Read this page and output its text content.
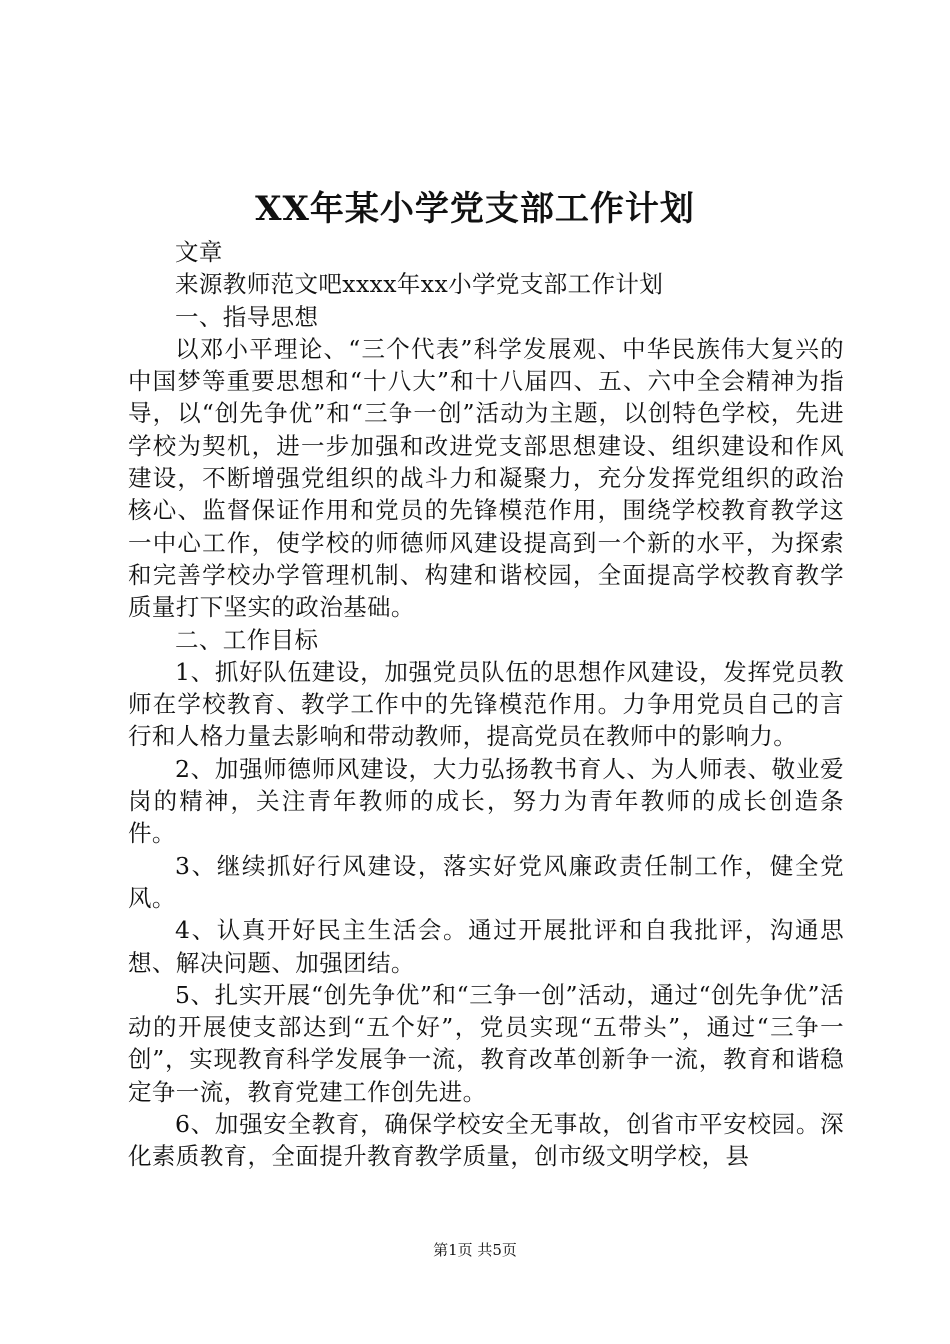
XX年某小学党支部工作计划

文章

来源教师范文吧xxxx年xx小学党支部工作计划

一、指导思想

以邓小平理论、“三个代表”科学发展观、中华民族伟大复兴的中国梦等重要思想和“十八大”和十八届四、五、六中全会精神为指导，以“创先争优”和“三争一创”活动为主题，以创特色学校，先进学校为契机，进一步加强和改进党支部思想建设、组织建设和作风建设，不断增强党组织的战斗力和凝聚力，充分发挥党组织的政治核心、监督保证作用和党员的先锋模范作用，围绕学校教育教学这一中心工作，使学校的师德师风建设提高到一个新的水平，为探索和完善学校办学管理机制、构建和谐校园，全面提高学校教育教学质量打下坚实的政治基础。

二、工作目标

1、抓好队伍建设，加强党员队伍的思想作风建设，发挥党员教师在学校教育、教学工作中的先锋模范作用。力争用党员自己的言行和人格力量去影响和带动教师，提高党员在教师中的影响力。

2、加强师德师风建设，大力弘扬教书育人、为人师表、敬业爱岗的精神，关注青年教师的成长，努力为青年教师的成长创造条件。

3、继续抓好行风建设，落实好党风廉政责任制工作，健全党风。

4、认真开好民主生活会。通过开展批评和自我批评，沟通思想、解决问题、加强团结。

5、扎实开展“创先争优”和“三争一创”活动，通过“创先争优”活动的开展使支部达到“五个好”，党员实现“五带头”，通过“三争一创”，实现教育科学发展争一流，教育改革创新争一流，教育和谐稳定争一流，教育党建工作创先进。

6、加强安全教育，确保学校安全无事故，创省市平安校园。深化素质教育，全面提升教育教学质量，创市级文明学校，县

第1页 共5页
